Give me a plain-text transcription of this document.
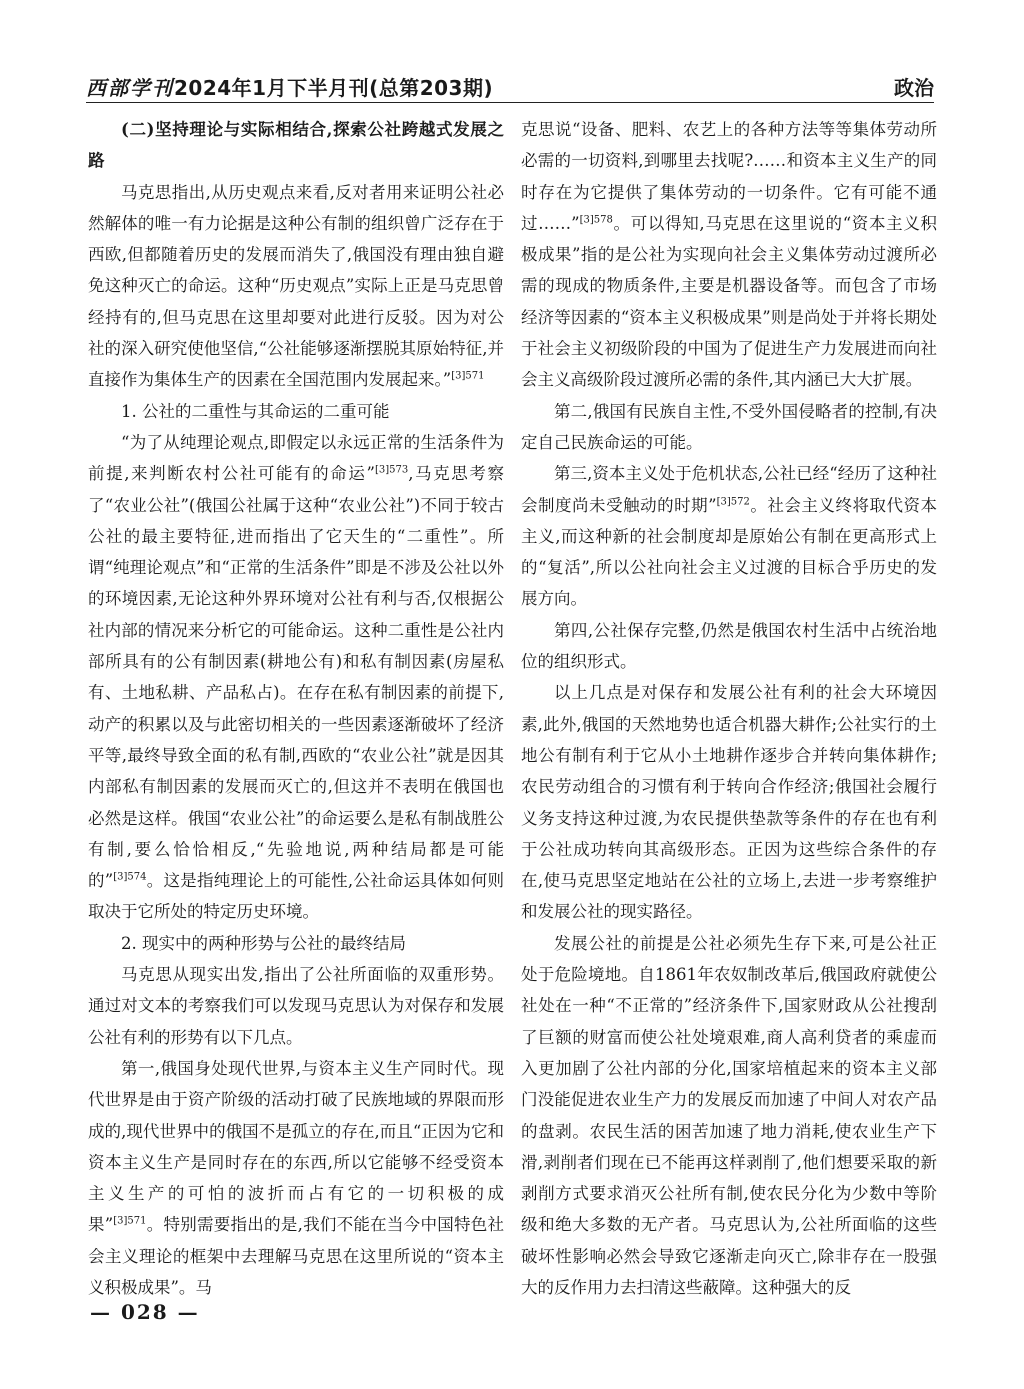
西部学刊2024年1月下半月刊(总第203期)	政治
(二)坚持理论与实际相结合,探索公社跨越式发展之路

马克思指出,从历史观点来看,反对者用来证明公社必然解体的唯一有力论据是这种公有制的组织曾广泛存在于西欧,但都随着历史的发展而消失了,俄国没有理由独自避免这种灭亡的命运。这种“历史观点”实际上正是马克思曾经持有的,但马克思在这里却要对此进行反驳。因为对公社的深入研究使他坚信,“公社能够逐渐摆脱其原始特征,并直接作为集体生产的因素在全国范围内发展起来。”$^{[3]571}$

1. 公社的二重性与其命运的二重可能

“为了从纯理论观点,即假定以永远正常的生活条件为前提,来判断农村公社可能有的命运”$^{[3]573}$,马克思考察了“农业公社”(俄国公社属于这种“农业公社”)不同于较古公社的最主要特征,进而指出了它天生的“二重性”。所谓“纯理论观点”和“正常的生活条件”即是不涉及公社以外的环境因素,无论这种外界环境对公社有利与否,仅根据公社内部的情况来分析它的可能命运。这种二重性是公社内部所具有的公有制因素(耕地公有)和私有制因素(房屋私有、土地私耕、产品私占)。在存在私有制因素的前提下,动产的积累以及与此密切相关的一些因素逐渐破坏了经济平等,最终导致全面的私有制,西欧的“农业公社”就是因其内部私有制因素的发展而灭亡的,但这并不表明在俄国也必然是这样。俄国“农业公社”的命运要么是私有制战胜公有制,要么恰恰相反,“先验地说,两种结局都是可能的”$^{[3]574}$。这是指纯理论上的可能性,公社命运具体如何则取决于它所处的特定历史环境。

2. 现实中的两种形势与公社的最终结局

马克思从现实出发,指出了公社所面临的双重形势。通过对文本的考察我们可以发现马克思认为对保存和发展公社有利的形势有以下几点。

第一,俄国身处现代世界,与资本主义生产同时代。现代世界是由于资产阶级的活动打破了民族地域的界限而形成的,现代世界中的俄国不是孤立的存在,而且“正因为它和资本主义生产是同时存在的东西,所以它能够不经受资本主义生产的可怕的波折而占有它的一切积极的成果”$^{[3]571}$。特别需要指出的是,我们不能在当今中国特色社会主义理论的框架中去理解马克思在这里所说的“资本主义积极成果”。马

克思说“设备、肥料、农艺上的各种方法等等集体劳动所必需的一切资料,到哪里去找呢?……和资本主义生产的同时存在为它提供了集体劳动的一切条件。它有可能不通过……”$^{[3]578}$。可以得知,马克思在这里说的“资本主义积极成果”指的是公社为实现向社会主义集体劳动过渡所必需的现成的物质条件,主要是机器设备等。而包含了市场经济等因素的“资本主义积极成果”则是尚处于并将长期处于社会主义初级阶段的中国为了促进生产力发展进而向社会主义高级阶段过渡所必需的条件,其内涵已大大扩展。

第二,俄国有民族自主性,不受外国侵略者的控制,有决定自己民族命运的可能。

第三,资本主义处于危机状态,公社已经“经历了这种社会制度尚未受触动的时期”$^{[3]572}$。社会主义终将取代资本主义,而这种新的社会制度却是原始公有制在更高形式上的“复活”,所以公社向社会主义过渡的目标合乎历史的发展方向。

第四,公社保存完整,仍然是俄国农村生活中占统治地位的组织形式。

以上几点是对保存和发展公社有利的社会大环境因素,此外,俄国的天然地势也适合机器大耕作;公社实行的土地公有制有利于它从小土地耕作逐步合并转向集体耕作;农民劳动组合的习惯有利于转向合作经济;俄国社会履行义务支持这种过渡,为农民提供垫款等条件的存在也有利于公社成功转向其高级形态。正因为这些综合条件的存在,使马克思坚定地站在公社的立场上,去进一步考察维护和发展公社的现实路径。

发展公社的前提是公社必须先生存下来,可是公社正处于危险境地。自1861年农奴制改革后,俄国政府就使公社处在一种“不正常的”经济条件下,国家财政从公社搜刮了巨额的财富而使公社处境艰难,商人高利贷者的乘虚而入更加剧了公社内部的分化,国家培植起来的资本主义部门没能促进农业生产力的发展反而加速了中间人对农产品的盘剥。农民生活的困苦加速了地力消耗,使农业生产下滑,剥削者们现在已不能再这样剥削了,他们想要采取的新剥削方式要求消灭公社所有制,使农民分化为少数中等阶级和绝大多数的无产者。马克思认为,公社所面临的这些破坏性影响必然会导致它逐渐走向灭亡,除非存在一股强大的反作用力去扫清这些蔽障。这种强大的反

— 028 —
